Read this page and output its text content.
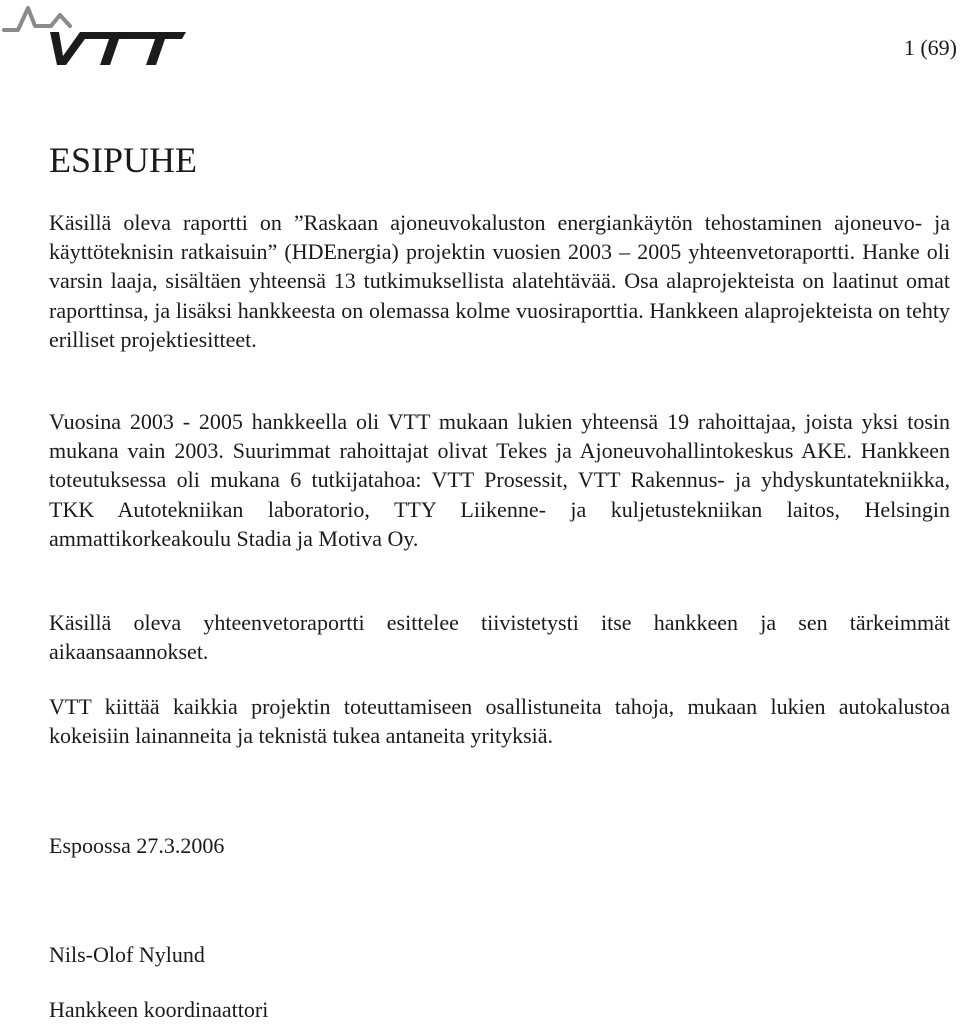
1 (69)
ESIPUHE

Käsillä oleva raportti on ”Raskaan ajoneuvokaluston energiankäytön tehostaminen ajoneuvo- ja käyttöteknisin ratkaisuin” (HDEnergia) projektin vuosien 2003 – 2005 yhteenvetoraportti. Hanke oli varsin laaja, sisältäen yhteensä 13 tutkimuksellista alatehtävää. Osa alaprojekteista on laatinut omat raporttinsa, ja lisäksi hankkeesta on olemassa kolme vuosiraporttia. Hankkeen alaprojekteista on tehty erilliset projektiesitteet.

Vuosina 2003 - 2005 hankkeella oli VTT mukaan lukien yhteensä 19 rahoittajaa, joista yksi tosin mukana vain 2003. Suurimmat rahoittajat olivat Tekes ja Ajoneuvohallintokeskus AKE. Hankkeen toteutuksessa oli mukana 6 tutkijatahoa: VTT Prosessit, VTT Rakennus- ja yhdyskuntatekniikka, TKK Autotekniikan laboratorio, TTY Liikenne- ja kuljetustekniikan laitos, Helsingin ammattikorkeakoulu Stadia ja Motiva Oy.

Käsillä oleva yhteenvetoraportti esittelee tiivistetysti itse hankkeen ja sen tärkeimmät aikaansaannokset.

VTT kiittää kaikkia projektin toteuttamiseen osallistuneita tahoja, mukaan lukien autokalustoa kokeisiin lainanneita ja teknistä tukea antaneita yrityksiä.

Espoossa 27.3.2006

Nils-Olof Nylund

Hankkeen koordinaattori
